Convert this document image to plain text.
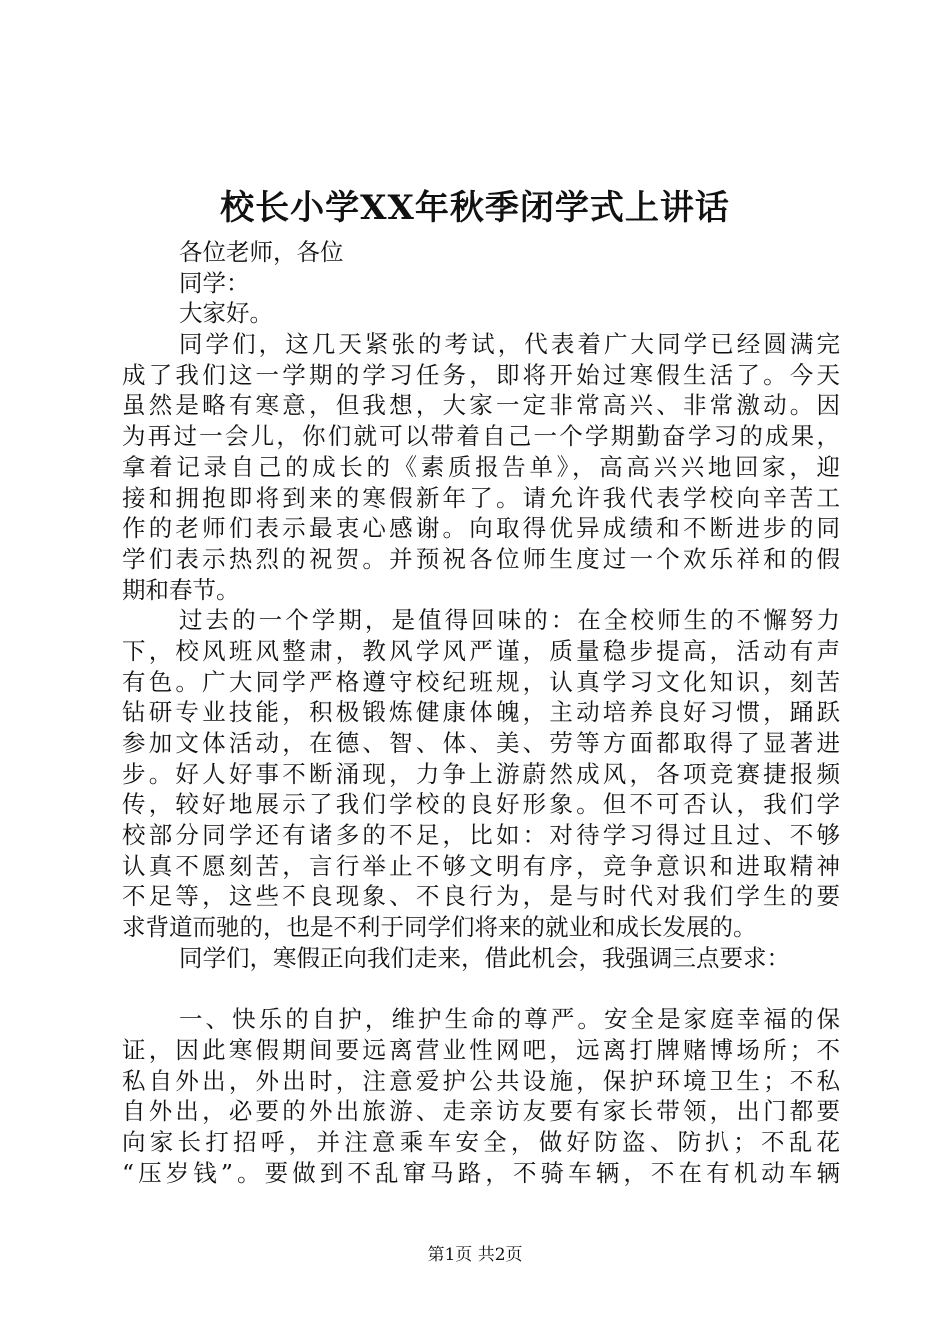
校长小学XX年秋季闭学式上讲话
各位老师，各位
同学：
大家好。
同学们，这几天紧张的考试，代表着广大同学已经圆满完
成了我们这一学期的学习任务，即将开始过寒假生活了。今天
虽然是略有寒意，但我想，大家一定非常高兴、非常激动。因
为再过一会儿，你们就可以带着自己一个学期勤奋学习的成果，
拿着记录自己的成长的《素质报告单》，高高兴兴地回家，迎
接和拥抱即将到来的寒假新年了。请允许我代表学校向辛苦工
作的老师们表示最衷心感谢。向取得优异成绩和不断进步的同
学们表示热烈的祝贺。并预祝各位师生度过一个欢乐祥和的假
期和春节。
过去的一个学期，是值得回味的：在全校师生的不懈努力
下，校风班风整肃，教风学风严谨，质量稳步提高，活动有声
有色。广大同学严格遵守校纪班规，认真学习文化知识，刻苦
钻研专业技能，积极锻炼健康体魄，主动培养良好习惯，踊跃
参加文体活动，在德、智、体、美、劳等方面都取得了显著进
步。好人好事不断涌现，力争上游蔚然成风，各项竞赛捷报频
传，较好地展示了我们学校的良好形象。但不可否认，我们学
校部分同学还有诸多的不足，比如：对待学习得过且过、不够
认真不愿刻苦，言行举止不够文明有序，竞争意识和进取精神
不足等，这些不良现象、不良行为，是与时代对我们学生的要
求背道而驰的，也是不利于同学们将来的就业和成长发展的。
同学们，寒假正向我们走来，借此机会，我强调三点要求：
一、快乐的自护，维护生命的尊严。安全是家庭幸福的保
证，因此寒假期间要远离营业性网吧，远离打牌赌博场所；不
私自外出，外出时，注意爱护公共设施，保护环境卫生；不私
自外出，必要的外出旅游、走亲访友要有家长带领，出门都要
向家长打招呼，并注意乘车安全，做好防盗、防扒；不乱花
“压岁钱”。要做到不乱窜马路，不骑车辆，不在有机动车辆
第1页 共2页
